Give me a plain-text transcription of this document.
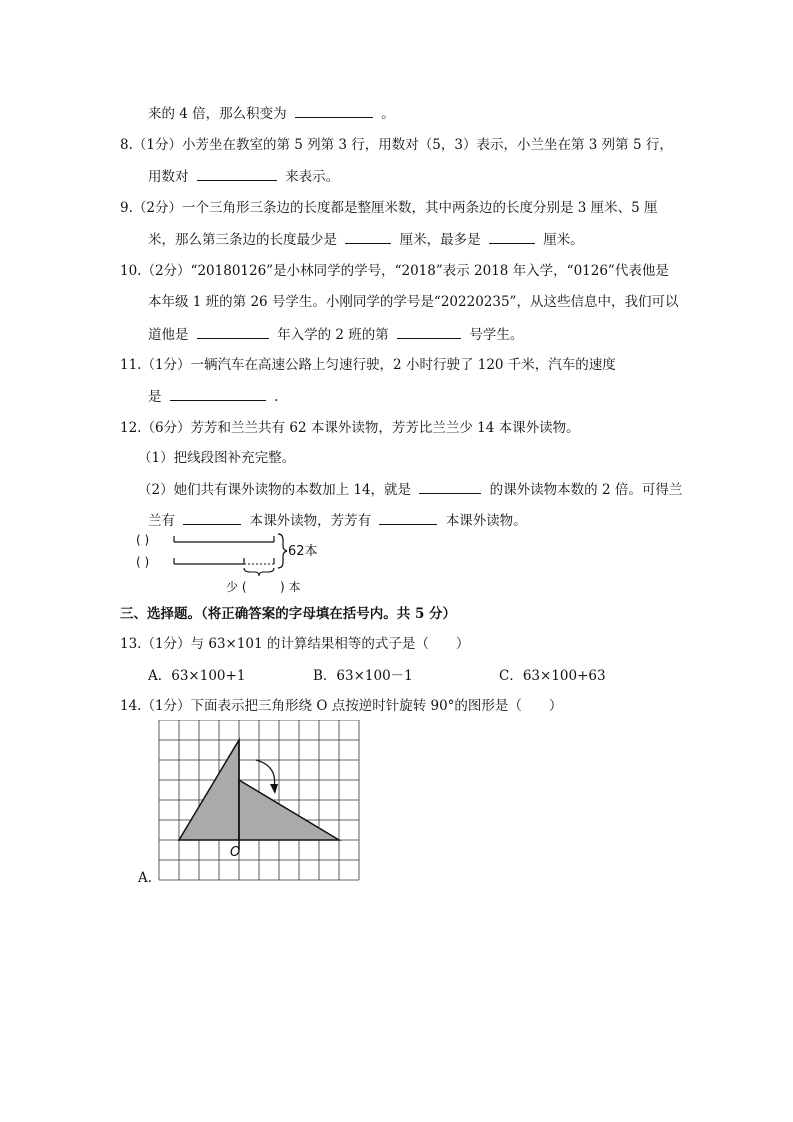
来的 4 倍，那么积变为	。
8.（1分）小芳坐在教室的第 5 列第 3 行，用数对（5，3）表示，小兰坐在第 3 列第 5 行，
用数对	来表示。
9.（2分）一个三角形三条边的长度都是整厘米数，其中两条边的长度分别是 3 厘米、5 厘
米，那么第三条边的长度最少是	厘米，最多是	厘米。
10.（2分）“20180126”是小林同学的学号，“2018”表示 2018 年入学，“0126”代表他是
本年级 1 班的第 26 号学生。小刚同学的学号是“20220235”，从这些信息中，我们可以
道他是	年入学的 2 班的第	号学生。
11.（1分）一辆汽车在高速公路上匀速行驶，2 小时行驶了 120 千米，汽车的速度
是	.
12.（6分）芳芳和兰兰共有 62 本课外读物，芳芳比兰兰少 14 本课外读物。
（1）把线段图补充完整。
（2）她们共有课外读物的本数加上 14，就是	的课外读物本数的 2 倍。可得兰
兰有	本课外读物，芳芳有	本课外读物。
( )
( )
62本
少 (	) 本
三、选择题。（将正确答案的字母填在括号内。共 5 分）
13.（1分）与 63×101 的计算结果相等的式子是（　　）
A．63×100+1	B．63×100－1	C．63×100+63
14.（1分）下面表示把三角形绕 O 点按逆时针旋转 90°的图形是（　　）
O
A．
